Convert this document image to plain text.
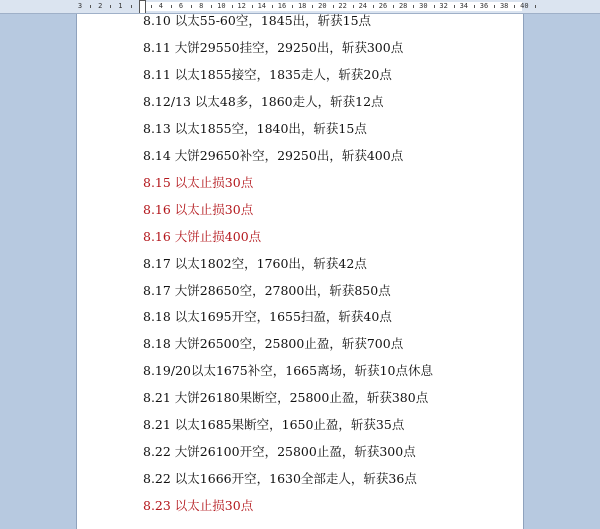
3 2 1	4 6 8 10 12 14 16 18 20 22 24 26 28 30 32 34 36 38 40
8.10 以太55-60空，1845出，斩获15点
8.11 大饼29550挂空，29250出，斩获300点
8.11 以太1855接空，1835走人，斩获20点
8.12/13 以太48多，1860走人，斩获12点
8.13 以太1855空，1840出，斩获15点
8.14 大饼29650补空，29250出，斩获400点
8.15 以太止损30点
8.16 以太止损30点
8.16 大饼止损400点
8.17 以太1802空，1760出，斩获42点
8.17 大饼28650空，27800出，斩获850点
8.18 以太1695开空，1655扫盈，斩获40点
8.18 大饼26500空，25800止盈，斩获700点
8.19/20以太1675补空，1665离场，斩获10点休息
8.21 大饼26180果断空，25800止盈，斩获380点
8.21 以太1685果断空，1650止盈，斩获35点
8.22 大饼26100开空，25800止盈，斩获300点
8.22 以太1666开空，1630全部走人，斩获36点
8.23 以太止损30点
